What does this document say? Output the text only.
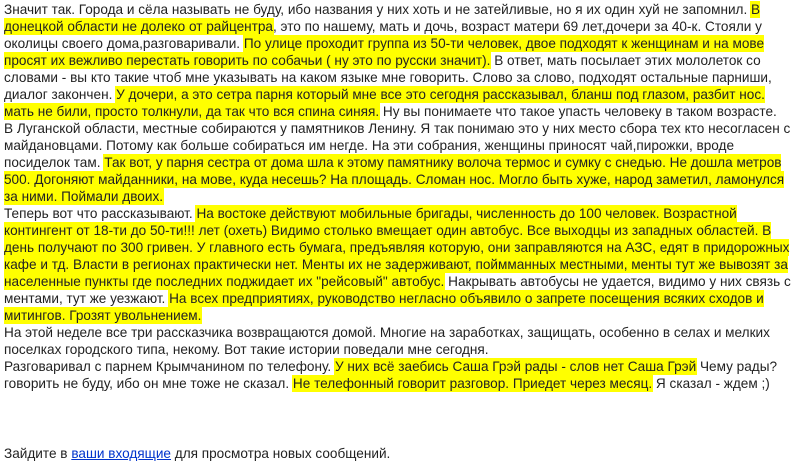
Значит так. Города и сёла называть не буду, ибо названия у них хоть и не затейливые, но я их один хуй не запомнил. В донецкой области не долеко от райцентра, это по нашему, мать и дочь, возраст матери 69 лет,дочери за 40-к. Стояли у околицы своего дома,разговаривали. По улице проходит группа из 50-ти человек, двое подходят к женщинам и на мове просят их вежливо перестать говорить по собачьи ( ну это по русски значит). В ответ, мать посылает этих мололеток со словами - вы кто такие чтоб мне указывать на каком языке мне говорить. Слово за слово, подходят остальные парниши, диалог закончен. У дочери, а это сетра парня который мне все это сегодня рассказывал, бланш под глазом, разбит нос. мать не били, просто толкнули, да так что вся спина синяя. Ну вы понимаете что такое упасть человеку в таком возрасте.
В Луганской области, местные собираются у памятников Ленину. Я так понимаю это у них место сбора тех кто несогласен с майдановцами. Потому как больше собираться им негде. На эти собрания, женщины приносят чай,пирожки, вроде посиделок там. Так вот, у парня сестра от дома шла к этому памятнику волоча термос и сумку с снедью. Не дошла метров 500. Догоняют майданники, на мове, куда несешь? На площадь. Сломан нос. Могло быть хуже, народ заметил, ламонулся за ними. Поймали двоих.
Теперь вот что рассказывают. На востоке действуют мобильные бригады, численность до 100 человек. Возрастной контингент от 18-ти до 50-ти!!! лет (охеть) Видимо столько вмещает один автобус. Все выходцы из западных областей. В день получают по 300 гривен. У главного есть бумага, предъявляя которую, они заправляются на АЗС, едят в придорожных кафе и тд. Власти в регионах практически нет. Менты их не задерживают, поймманных местными, менты тут же вывозят за населенные пункты где последних поджидает их "рейсовый" автобус. Накрывать автобусы не удается, видимо у них связь с ментами, тут же уезжают. На всех предприятиях, руководство негласно объявило о запрете посещения всяких сходов и митингов. Грозят увольнением.
На этой неделе все три рассказчика возвращаются домой. Многие на заработках, защищать, особенно в селах и мелких поселках городского типа, некому. Вот такие истории поведали мне сегодня.
Разговаривал с парнем Крымчанином по телефону. У них всё заебись Саша Грэй рады - слов нет Саша Грэй Чему рады? говорить не буду, ибо он мне тоже не сказал. Не телефонный говорит разговор. Приедет через месяц. Я сказал - ждем ;)
Зайдите в ваши входящие для просмотра новых сообщений.
